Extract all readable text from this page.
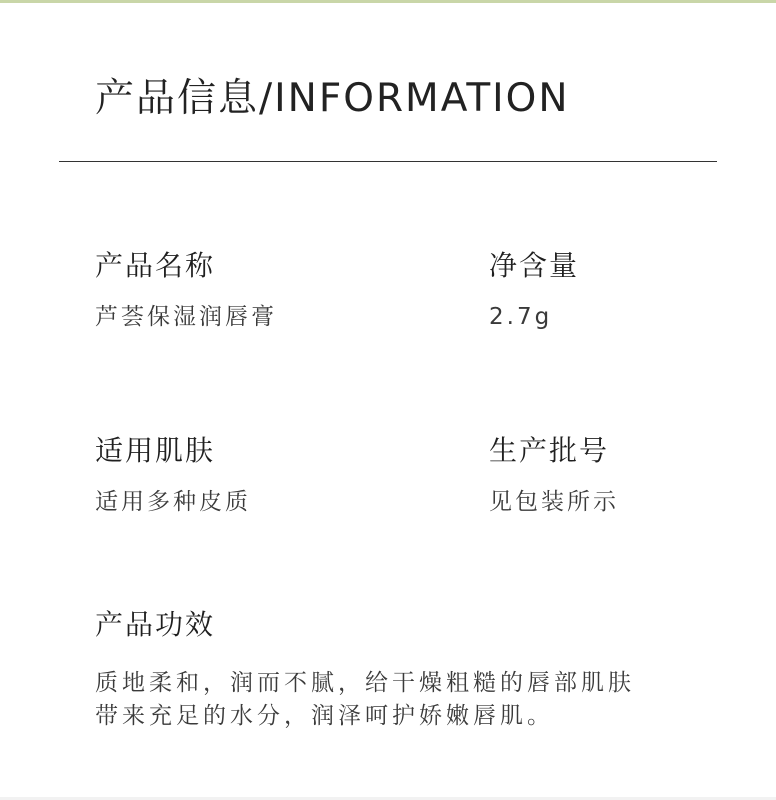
产品信息/INFORMATION
产品名称
芦荟保湿润唇膏
净含量
2.7g
适用肌肤
适用多种皮质
生产批号
见包装所示
产品功效
质地柔和，润而不腻，给干燥粗糙的唇部肌肤
带来充足的水分，润泽呵护娇嫩唇肌。
